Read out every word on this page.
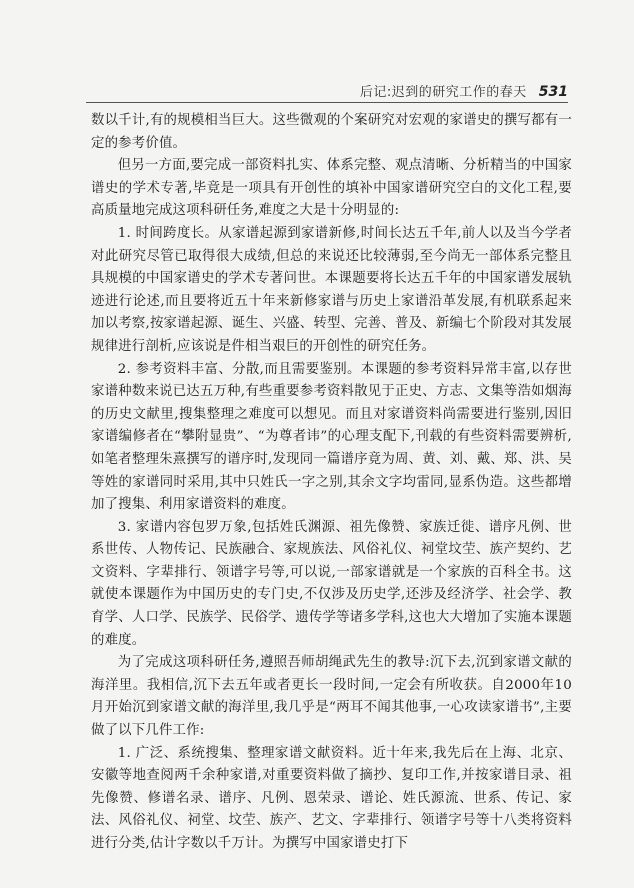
后记:迟到的研究工作的春天 531

数以千计,有的规模相当巨大。这些微观的个案研究对宏观的家谱史的撰写都有一定的参考价值。

但另一方面,要完成一部资料扎实、体系完整、观点清晰、分析精当的中国家谱史的学术专著,毕竟是一项具有开创性的填补中国家谱研究空白的文化工程,要高质量地完成这项科研任务,难度之大是十分明显的:

1. 时间跨度长。从家谱起源到家谱新修,时间长达五千年,前人以及当今学者对此研究尽管已取得很大成绩,但总的来说还比较薄弱,至今尚无一部体系完整且具规模的中国家谱史的学术专著问世。本课题要将长达五千年的中国家谱发展轨迹进行论述,而且要将近五十年来新修家谱与历史上家谱沿革发展,有机联系起来加以考察,按家谱起源、诞生、兴盛、转型、完善、普及、新编七个阶段对其发展规律进行剖析,应该说是件相当艰巨的开创性的研究任务。

2. 参考资料丰富、分散,而且需要鉴别。本课题的参考资料异常丰富,以存世家谱种数来说已达五万种,有些重要参考资料散见于正史、方志、文集等浩如烟海的历史文献里,搜集整理之难度可以想见。而且对家谱资料尚需要进行鉴别,因旧家谱编修者在“攀附显贵”、“为尊者讳”的心理支配下,刊载的有些资料需要辨析,如笔者整理朱熹撰写的谱序时,发现同一篇谱序竟为周、黄、刘、戴、郑、洪、吴等姓的家谱同时采用,其中只姓氏一字之别,其余文字均雷同,显系伪造。这些都增加了搜集、利用家谱资料的难度。

3. 家谱内容包罗万象,包括姓氏渊源、祖先像赞、家族迁徙、谱序凡例、世系世传、人物传记、民族融合、家规族法、风俗礼仪、祠堂坟茔、族产契约、艺文资料、字辈排行、领谱字号等,可以说,一部家谱就是一个家族的百科全书。这就使本课题作为中国历史的专门史,不仅涉及历史学,还涉及经济学、社会学、教育学、人口学、民族学、民俗学、遗传学等诸多学科,这也大大增加了实施本课题的难度。

为了完成这项科研任务,遵照吾师胡绳武先生的教导:沉下去,沉到家谱文献的海洋里。我相信,沉下去五年或者更长一段时间,一定会有所收获。自2000年10月开始沉到家谱文献的海洋里,我几乎是“两耳不闻其他事,一心攻读家谱书”,主要做了以下几件工作:

1. 广泛、系统搜集、整理家谱文献资料。近十年来,我先后在上海、北京、安徽等地查阅两千余种家谱,对重要资料做了摘抄、复印工作,并按家谱目录、祖先像赞、修谱名录、谱序、凡例、恩荣录、谱论、姓氏源流、世系、传记、家法、风俗礼仪、祠堂、坟茔、族产、艺文、字辈排行、领谱字号等十八类将资料进行分类,估计字数以千万计。为撰写中国家谱史打下
